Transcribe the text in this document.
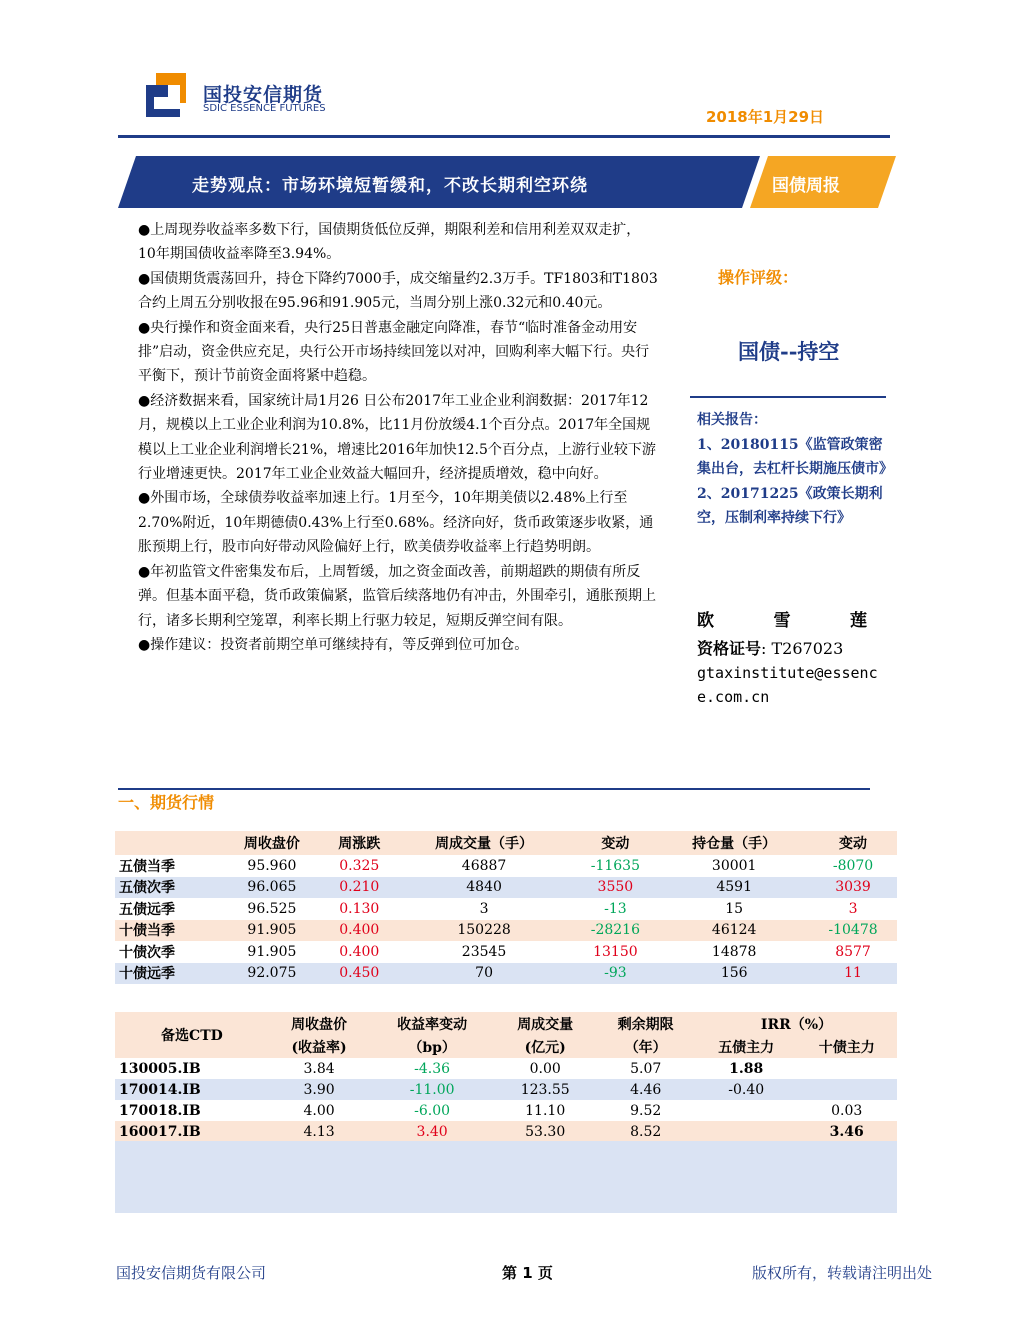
国投安信期货
SDIC ESSENCE FUTURES	2018年1月29日
走势观点：市场环境短暂缓和，不改长期利空环绕	国债周报

●上周现券收益率多数下行，国债期货低位反弹，期限利差和信用利差双双走扩，10年期国债收益率降至3.94%。

●国债期货震荡回升，持仓下降约7000手，成交缩量约2.3万手。TF1803和T1803合约上周五分别收报在95.96和91.905元，当周分别上涨0.32元和0.40元。

●央行操作和资金面来看，央行25日普惠金融定向降准，春节“临时准备金动用安排”启动，资金供应充足，央行公开市场持续回笼以对冲，回购利率大幅下行。央行平衡下，预计节前资金面将紧中趋稳。

●经济数据来看，国家统计局1月26 日公布2017年工业企业利润数据：2017年12月，规模以上工业企业利润为10.8%，比11月份放缓4.1个百分点。2017年全国规模以上工业企业利润增长21%，增速比2016年加快12.5个百分点，上游行业较下游行业增速更快。2017年工业企业效益大幅回升，经济提质增效，稳中向好。

●外围市场，全球债券收益率加速上行。1月至今，10年期美债以2.48%上行至2.70%附近，10年期德债0.43%上行至0.68%。经济向好，货币政策逐步收紧，通胀预期上行，股市向好带动风险偏好上行，欧美债券收益率上行趋势明朗。

●年初监管文件密集发布后，上周暂缓，加之资金面改善，前期超跌的期债有所反弹。但基本面平稳，货币政策偏紧，监管后续落地仍有冲击，外围牵引，通胀预期上行，诸多长期利空笼罩，利率长期上行驱力较足，短期反弹空间有限。

●操作建议：投资者前期空单可继续持有，等反弹到位可加仓。

操作评级：
国债--持空

相关报告：

1、20180115《监管政策密集出台，去杠杆长期施压债市》

2、20171225《政策长期利空，压制利率持续下行》

欧	雪	莲
资格证号: T267023
gtaxinstitute@essence.com.cn
一、期货行情
	周收盘价	周涨跌	周成交量（手）	变动	持仓量（手）	变动
五债当季	95.960	0.325	46887	-11635	30001	-8070
五债次季	96.065	0.210	4840	3550	4591	3039
五债远季	96.525	0.130	3	-13	15	3
十债当季	91.905	0.400	150228	-28216	46124	-10478
十债次季	91.905	0.400	23545	13150	14878	8577
十债远季	92.075	0.450	70	-93	156	11
备选CTD	周收盘价	收益率变动	周成交量	剩余期限	IRR（%）	
	(收益率)	（bp）	(亿元)	（年）	五债主力	十债主力
130005.IB	3.84	-4.36	0.00	5.07	1.88	
170014.IB	3.90	-11.00	123.55	4.46	-0.40	
170018.IB	4.00	-6.00	11.10	9.52		0.03
160017.IB	4.13	3.40	53.30	8.52		3.46
国投安信期货有限公司	第 1 页	版权所有，转载请注明出处
